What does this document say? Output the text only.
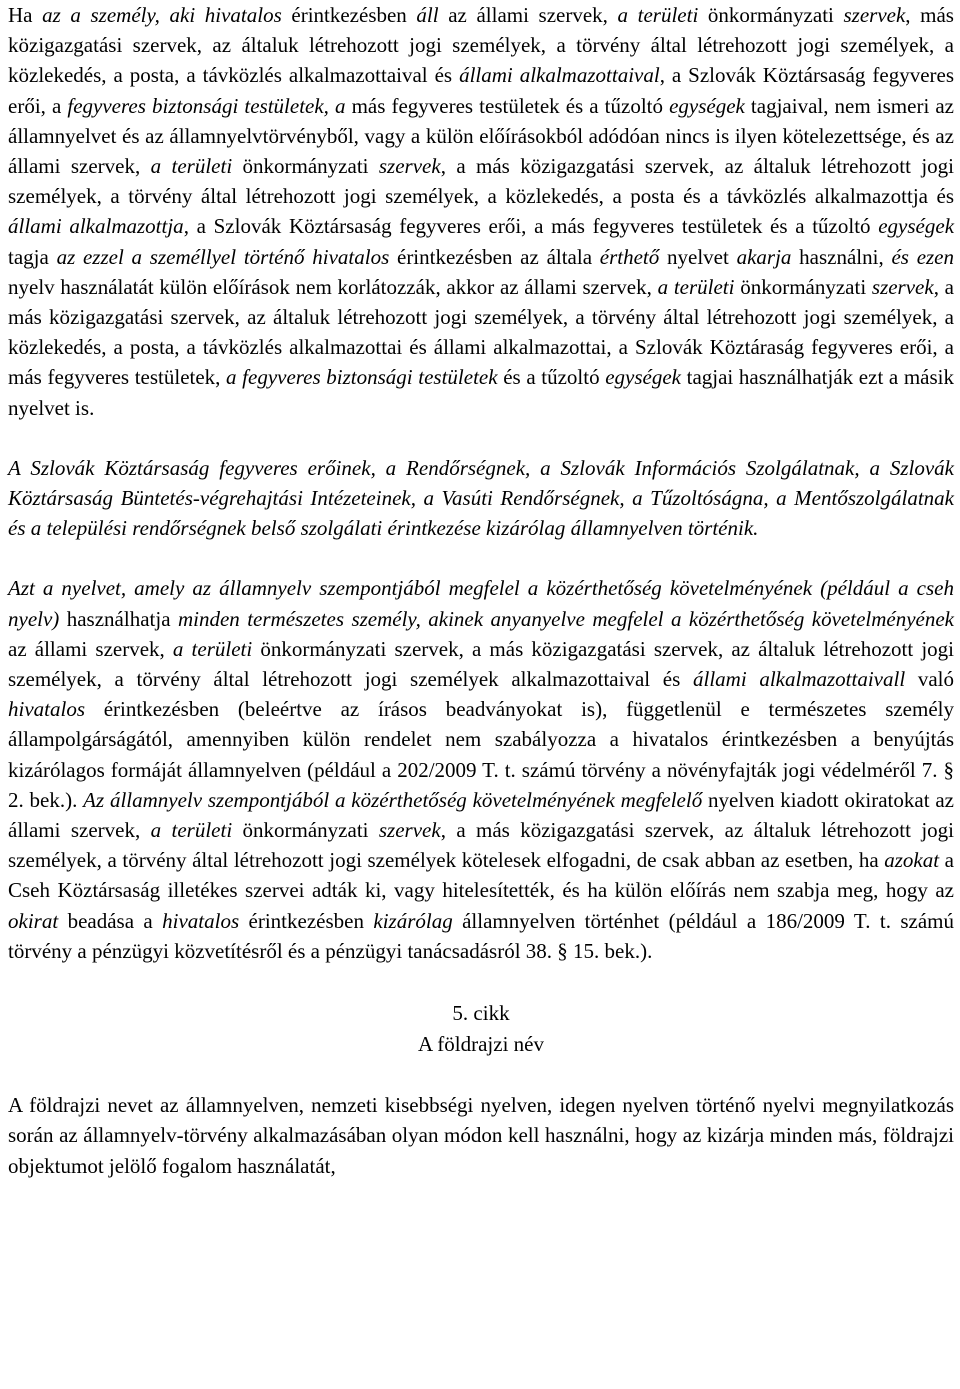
Ha az a személy, aki hivatalos érintkezésben áll az állami szervek, a területi önkormányzati szervek, más közigazgatási szervek, az általuk létrehozott jogi személyek, a törvény által létrehozott jogi személyek, a közlekedés, a posta, a távközlés alkalmazottaival és állami alkalmazottaival, a Szlovák Köztársaság fegyveres erői, a fegyveres biztonsági testületek, a más fegyveres testületek és a tűzoltó egységek tagjaival, nem ismeri az államnyelvet és az államnyelvtörvényből, vagy a külön előírásokból adódóan nincs is ilyen kötelezettsége, és az állami szervek, a területi önkormányzati szervek, a más közigazgatási szervek, az általuk létrehozott jogi személyek, a törvény által létrehozott jogi személyek, a közlekedés, a posta és a távközlés alkalmazottja és állami alkalmazottja, a Szlovák Köztársaság fegyveres erői, a más fegyveres testületek és a tűzoltó egységek tagja az ezzel a személlyel történő hivatalos érintkezésben az általa érthető nyelvet akarja használni, és ezen nyelv használatát külön előírások nem korlátozzák, akkor az állami szervek, a területi önkormányzati szervek, a más közigazgatási szervek, az általuk létrehozott jogi személyek, a törvény által létrehozott jogi személyek, a közlekedés, a posta, a távközlés alkalmazottai és állami alkalmazottai, a Szlovák Köztáraság fegyveres erői, a más fegyveres testületek, a fegyveres biztonsági testületek és a tűzoltó egységek tagjai használhatják ezt a másik nyelvet is.

A Szlovák Köztársaság fegyveres erőinek, a Rendőrségnek, a Szlovák Információs Szolgálatnak, a Szlovák Köztársaság Büntetés-végrehajtási Intézeteinek, a Vasúti Rendőrségnek, a Tűzoltóságna, a Mentőszolgálatnak és a települési rendőrségnek belső szolgálati érintkezése kizárólag államnyelven történik.

Azt a nyelvet, amely az államnyelv szempontjából megfelel a közérthetőség követelményének (például a cseh nyelv) használhatja minden természetes személy, akinek anyanyelve megfelel a közérthetőség követelményének az állami szervek, a területi önkormányzati szervek, a más közigazgatási szervek, az általuk létrehozott jogi személyek, a törvény által létrehozott jogi személyek alkalmazottaival és állami alkalmazottaivall való hivatalos érintkezésben (beleértve az írásos beadványokat is), függetlenül e természetes személy állampolgárságától, amennyiben külön rendelet nem szabályozza a hivatalos érintkezésben a benyújtás kizárólagos formáját államnyelven (például a 202/2009 T. t. számú törvény a növényfajták jogi védelméről 7. § 2. bek.). Az államnyelv szempontjából a közérthetőség követelményének megfelelő nyelven kiadott okiratokat az állami szervek, a területi önkormányzati szervek, a más közigazgatási szervek, az általuk létrehozott jogi személyek, a törvény által létrehozott jogi személyek kötelesek elfogadni, de csak abban az esetben, ha azokat a Cseh Köztársaság illetékes szervei adták ki, vagy hitelesítették, és ha külön előírás nem szabja meg, hogy az okirat beadása a hivatalos érintkezésben kizárólag államnyelven történhet (például a 186/2009 T. t. számú törvény a pénzügyi közvetítésről és a pénzügyi tanácsadásról 38. § 15. bek.).

5. cikk

A földrajzi név

A földrajzi nevet az államnyelven, nemzeti kisebbségi nyelven, idegen nyelven történő nyelvi megnyilatkozás során az államnyelv-törvény alkalmazásában olyan módon kell használni, hogy az kizárja minden más, földrajzi objektumot jelölő fogalom használatát,
